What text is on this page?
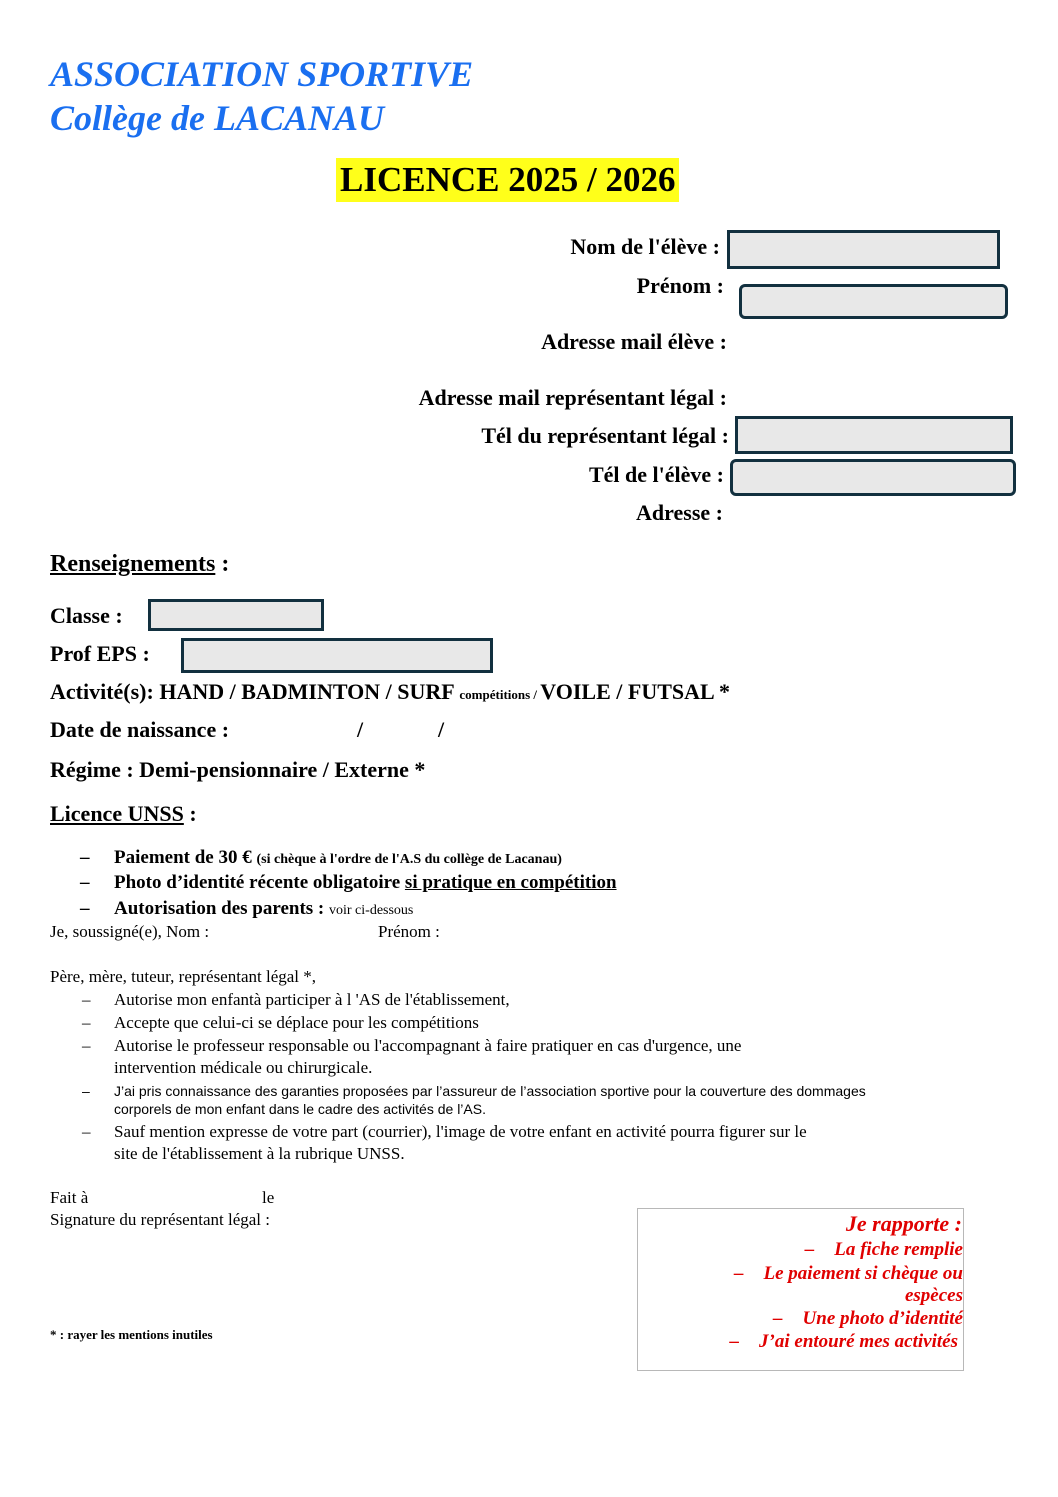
ASSOCIATION SPORTIVE
Collège de LACANAU
LICENCE 2025 / 2026
Nom de l'élève :
Prénom :
Adresse mail élève :
Adresse mail représentant légal :
Tél du représentant légal :
Tél de l'élève :
Adresse :
Renseignements :
Classe :
Prof EPS :
Activité(s): HAND / BADMINTON / SURF compétitions / VOILE / FUTSAL *
Date de naissance :	/	/
Régime : Demi-pensionnaire / Externe *
Licence UNSS :
– Paiement de 30 € (si chèque à l'ordre de l'A.S du collège de Lacanau)
– Photo d’identité récente obligatoire si pratique en compétition
– Autorisation des parents : voir ci-dessous
Je, soussigné(e), Nom :	Prénom :
Père, mère, tuteur, représentant légal *,
– Autorise mon enfantà participer à l 'AS de l'établissement,
– Accepte que celui-ci se déplace pour les compétitions
– Autorise le professeur responsable ou l'accompagnant à faire pratiquer en cas d'urgence, une
intervention médicale ou chirurgicale.
– J’ai pris connaissance des garanties proposées par l’assureur de l’association sportive pour la couverture des dommages
corporels de mon enfant dans le cadre des activités de l’AS.
– Sauf mention expresse de votre part (courrier), l'image de votre enfant en activité pourra figurer sur le
site de l'établissement à la rubrique UNSS.
Fait à	le
Signature du représentant légal :
* : rayer les mentions inutiles
Je rapporte :
– La fiche remplie
– Le paiement si chèque ou
espèces
– Une photo d’identité
– J’ai entouré mes activités
